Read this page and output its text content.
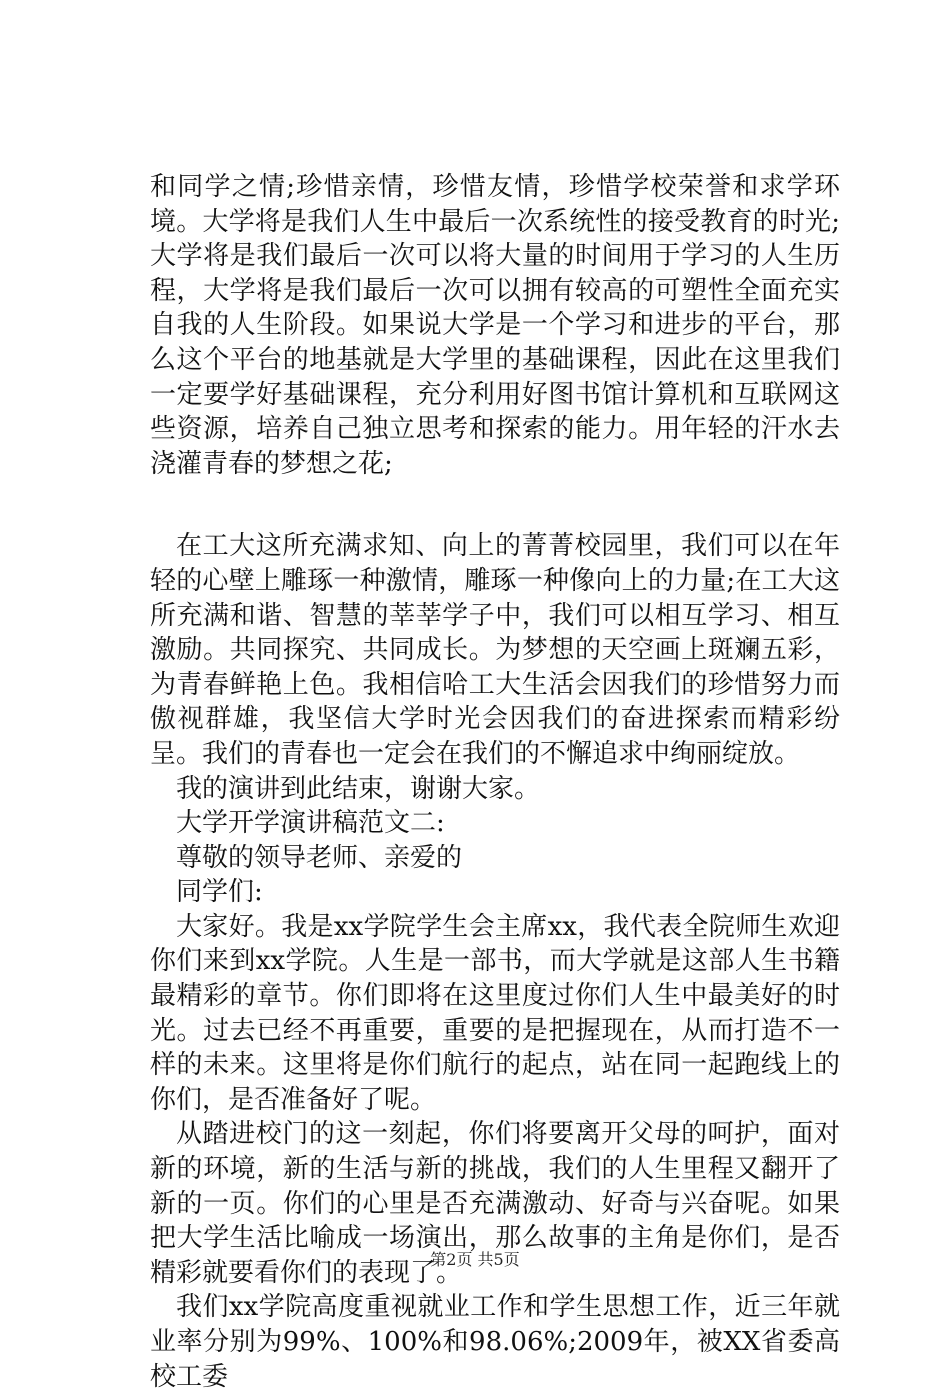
和同学之情;珍惜亲情，珍惜友情，珍惜学校荣誉和求学环境。大学将是我们人生中最后一次系统性的接受教育的时光;大学将是我们最后一次可以将大量的时间用于学习的人生历程，大学将是我们最后一次可以拥有较高的可塑性全面充实自我的人生阶段。如果说大学是一个学习和进步的平台，那么这个平台的地基就是大学里的基础课程，因此在这里我们一定要学好基础课程，充分利用好图书馆计算机和互联网这些资源，培养自己独立思考和探索的能力。用年轻的汗水去浇灌青春的梦想之花;

在工大这所充满求知、向上的菁菁校园里，我们可以在年轻的心壁上雕琢一种激情，雕琢一种像向上的力量;在工大这所充满和谐、智慧的莘莘学子中，我们可以相互学习、相互激励。共同探究、共同成长。为梦想的天空画上斑斓五彩，为青春鲜艳上色。我相信哈工大生活会因我们的珍惜努力而傲视群雄，我坚信大学时光会因我们的奋进探索而精彩纷呈。我们的青春也一定会在我们的不懈追求中绚丽绽放。

我的演讲到此结束，谢谢大家。

大学开学演讲稿范文二:

尊敬的领导老师、亲爱的

同学们:

大家好。我是xx学院学生会主席xx，我代表全院师生欢迎你们来到xx学院。人生是一部书，而大学就是这部人生书籍最精彩的章节。你们即将在这里度过你们人生中最美好的时光。过去已经不再重要，重要的是把握现在，从而打造不一样的未来。这里将是你们航行的起点，站在同一起跑线上的你们，是否准备好了呢。

从踏进校门的这一刻起，你们将要离开父母的呵护，面对新的环境，新的生活与新的挑战，我们的人生里程又翻开了新的一页。你们的心里是否充满激动、好奇与兴奋呢。如果把大学生活比喻成一场演出，那么故事的主角是你们，是否精彩就要看你们的表现了。

我们xx学院高度重视就业工作和学生思想工作，近三年就业率分别为99%、100%和98.06%;2009年，被XX省委高校工委

第2页 共5页
